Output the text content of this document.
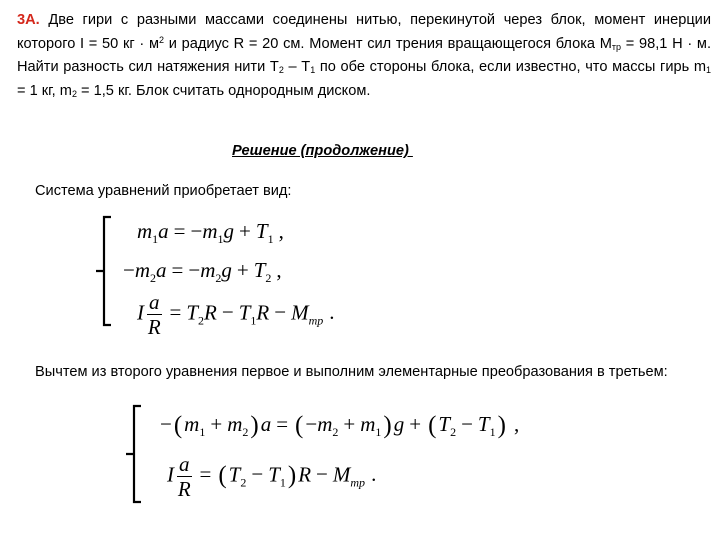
3А. Две гири с разными массами соединены нитью, перекинутой через блок, момент инерции которого I = 50 кг · $м^2$ и радиус R = 20 см. Момент сил трения вращающегося блока $М_{тр} = 98,1$ Н · м. Найти разность сил натяжения нити $Т_2 - Т_1$ по обе стороны блока, если известно, что массы гирь $m_1 = 1$ кг, $m_2 = 1,5$ кг. Блок считать однородным диском.
Решение (продолжение)
Система уравнений приобретает вид:
$m_1a = -m_1g + T_1$ ,
$-m_2a = -m_2g + T_2$ ,
I $\frac{a}{R} = T_2R - T_1R - M_{тр}$ .
Вычтем из второго уравнения первое и выполним элементарные преобразования в третьем:
$-(m_1 + m_2)a = (-m_2 + m_1)g + (T_2 - T_1)$ ,
I $\frac{a}{R} = (T_2 - T_1)R - M_{тр}$ .
